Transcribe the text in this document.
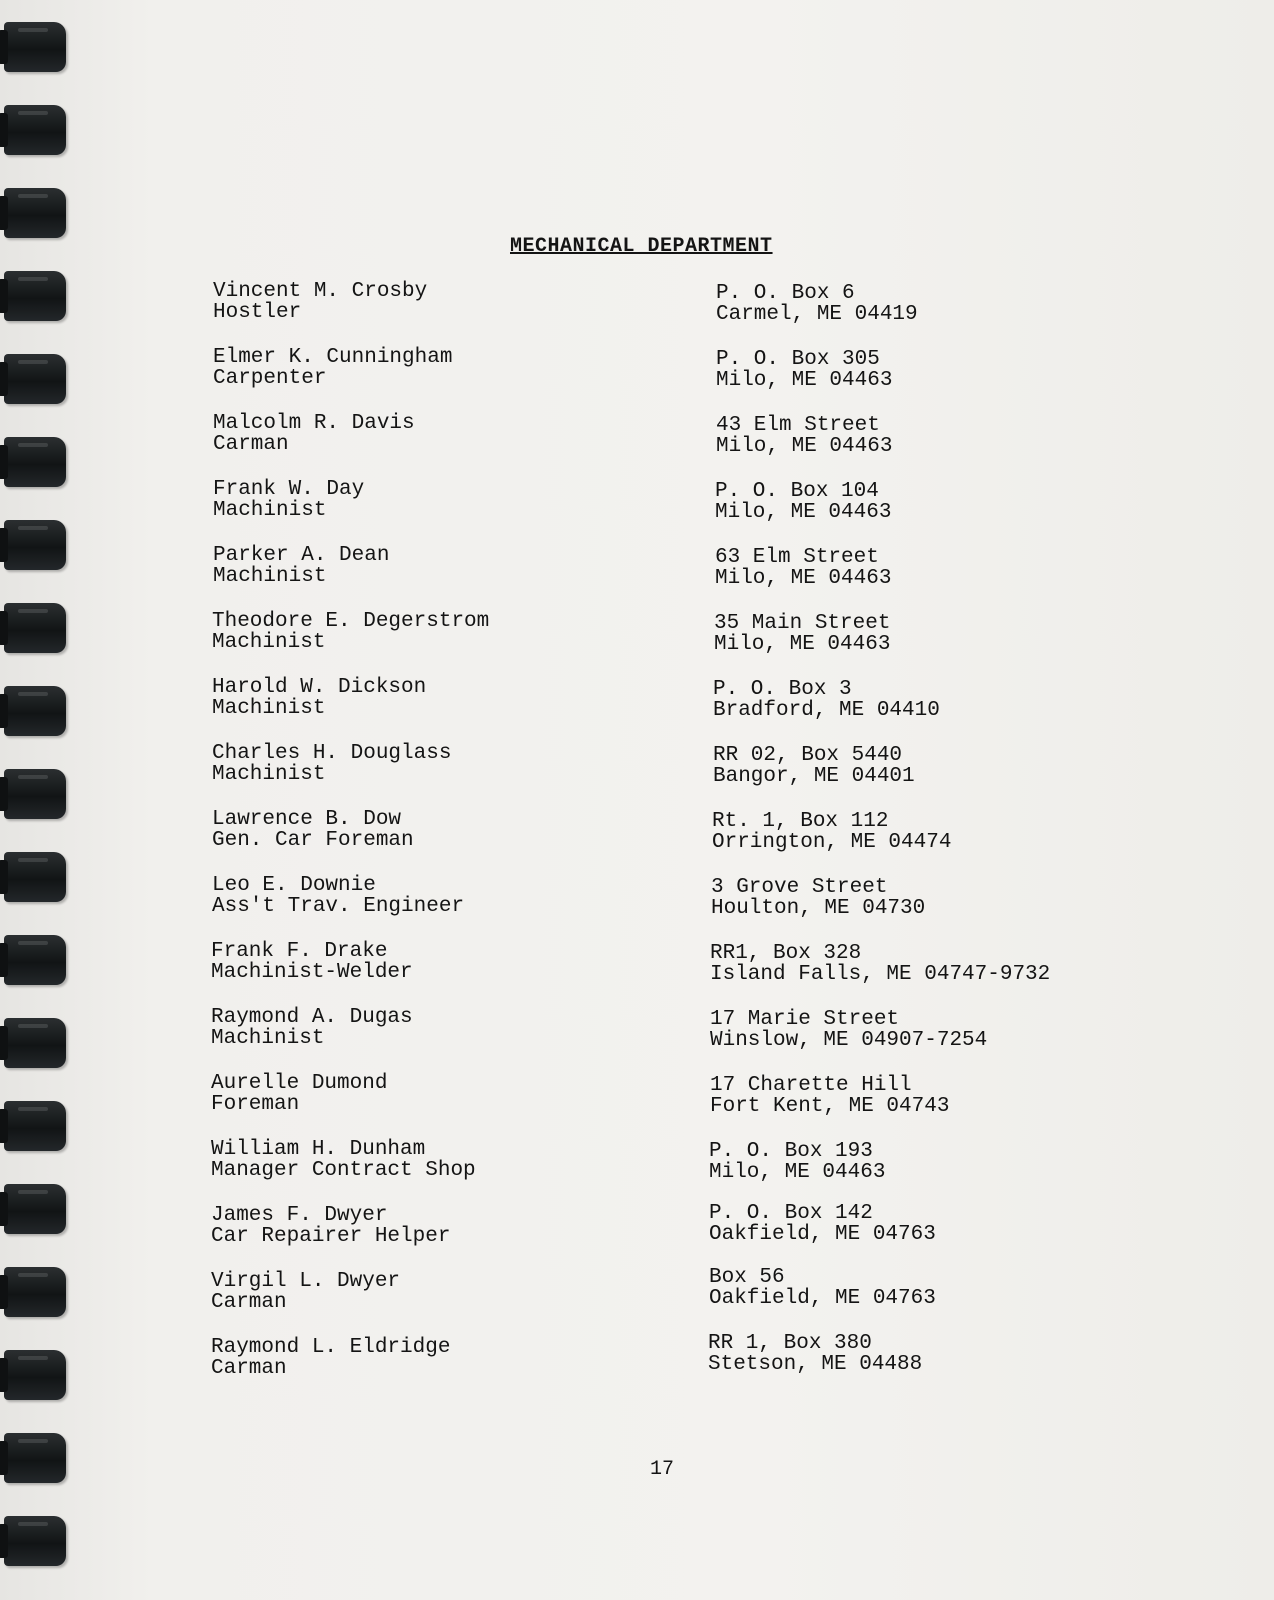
MECHANICAL DEPARTMENT
Vincent M. Crosby
Hostler
Elmer K. Cunningham
Carpenter
Malcolm R. Davis
Carman
Frank W. Day
Machinist
Parker A. Dean
Machinist
Theodore E. Degerstrom
Machinist
Harold W. Dickson
Machinist
Charles H. Douglass
Machinist
Lawrence B. Dow
Gen. Car Foreman
Leo E. Downie
Ass't Trav. Engineer
Frank F. Drake
Machinist-Welder
Raymond A. Dugas
Machinist
Aurelle Dumond
Foreman
William H. Dunham
Manager Contract Shop
James F. Dwyer
Car Repairer Helper
Virgil L. Dwyer
Carman
Raymond L. Eldridge
Carman
P. O. Box 6
Carmel, ME 04419
P. O. Box 305
Milo, ME 04463
43 Elm Street
Milo, ME 04463
P. O. Box 104
Milo, ME 04463
63 Elm Street
Milo, ME 04463
35 Main Street
Milo, ME 04463
P. O. Box 3
Bradford, ME 04410
RR 02, Box 5440
Bangor, ME 04401
Rt. 1, Box 112
Orrington, ME 04474
3 Grove Street
Houlton, ME 04730
RR1, Box 328
Island Falls, ME 04747-9732
17 Marie Street
Winslow, ME 04907-7254
17 Charette Hill
Fort Kent, ME 04743
P. O. Box 193
Milo, ME 04463
P. O. Box 142
Oakfield, ME 04763
Box 56
Oakfield, ME 04763
RR 1, Box 380
Stetson, ME 04488
17
